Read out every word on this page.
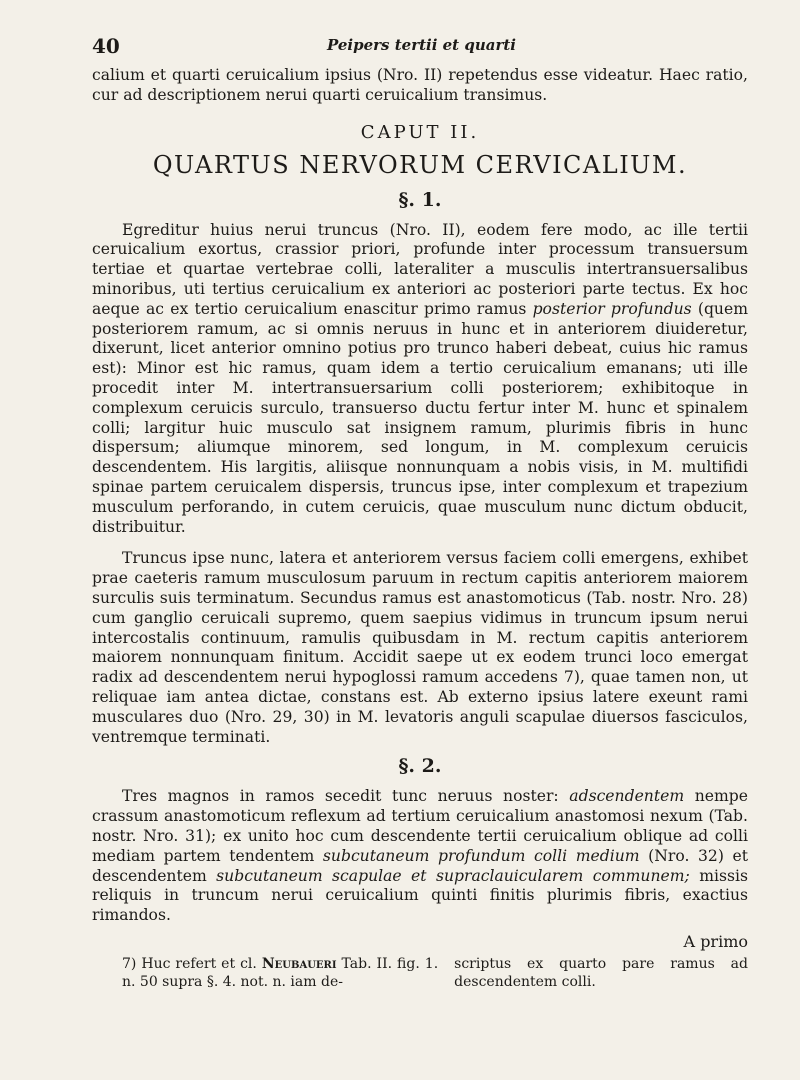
40	Peipers tertii et quarti

calium et quarti ceruicalium ipsius (Nro. II) repetendus esse videatur. Haec ratio, cur ad descriptionem nerui quarti ceruicalium transimus.

CAPUT II.
QUARTUS NERVORUM CERVICALIUM.
§. 1.

Egreditur huius nerui truncus (Nro. II), eodem fere modo, ac ille tertii ceruicalium exortus, crassior priori, profunde inter processum transuersum tertiae et quartae vertebrae colli, lateraliter a musculis intertransuersalibus minoribus, uti tertius ceruicalium ex anteriori ac posteriori parte tectus. Ex hoc aeque ac ex tertio ceruicalium enascitur primo ramus posterior profundus (quem posteriorem ramum, ac si omnis neruus in hunc et in anteriorem diuideretur, dixerunt, licet anterior omnino potius pro trunco haberi debeat, cuius hic ramus est): Minor est hic ramus, quam idem a tertio ceruicalium emanans; uti ille procedit inter M. intertransuersarium colli posteriorem; exhibitoque in complexum ceruicis surculo, transuerso ductu fertur inter M. hunc et spinalem colli; largitur huic musculo sat insignem ramum, plurimis fibris in hunc dispersum; aliumque minorem, sed longum, in M. complexum ceruicis descendentem. His largitis, aliisque nonnunquam a nobis visis, in M. multifidi spinae partem ceruicalem dispersis, truncus ipse, inter complexum et trapezium musculum perforando, in cutem ceruicis, quae musculum nunc dictum obducit, distribuitur.

Truncus ipse nunc, latera et anteriorem versus faciem colli emergens, exhibet prae caeteris ramum musculosum paruum in rectum capitis anteriorem maiorem surculis suis terminatum. Secundus ramus est anastomoticus (Tab. nostr. Nro. 28) cum ganglio ceruicali supremo, quem saepius vidimus in truncum ipsum nerui intercostalis continuum, ramulis quibusdam in M. rectum capitis anteriorem maiorem nonnunquam finitum. Accidit saepe ut ex eodem trunci loco emergat radix ad descendentem nerui hypoglossi ramum accedens 7), quae tamen non, ut reliquae iam antea dictae, constans est. Ab externo ipsius latere exeunt rami musculares duo (Nro. 29, 30) in M. levatoris anguli scapulae diuersos fasciculos, ventremque terminati.

§. 2.

Tres magnos in ramos secedit tunc neruus noster: adscendentem nempe crassum anastomoticum reflexum ad tertium ceruicalium anastomosi nexum (Tab. nostr. Nro. 31); ex unito hoc cum descendente tertii ceruicalium oblique ad colli mediam partem tendentem subcutaneum profundum colli medium (Nro. 32) et descendentem subcutaneum scapulae et supraclauicularem communem; missis reliquis in truncum nerui ceruicalium quinti finitis plurimis fibris, exactius rimandos.

A primo
7) Huc refert et cl. Neubaueri Tab. II. fig. 1. n. 50 supra §. 4. not. n. iam de-
scriptus ex quarto pare ramus ad descendentem colli.
